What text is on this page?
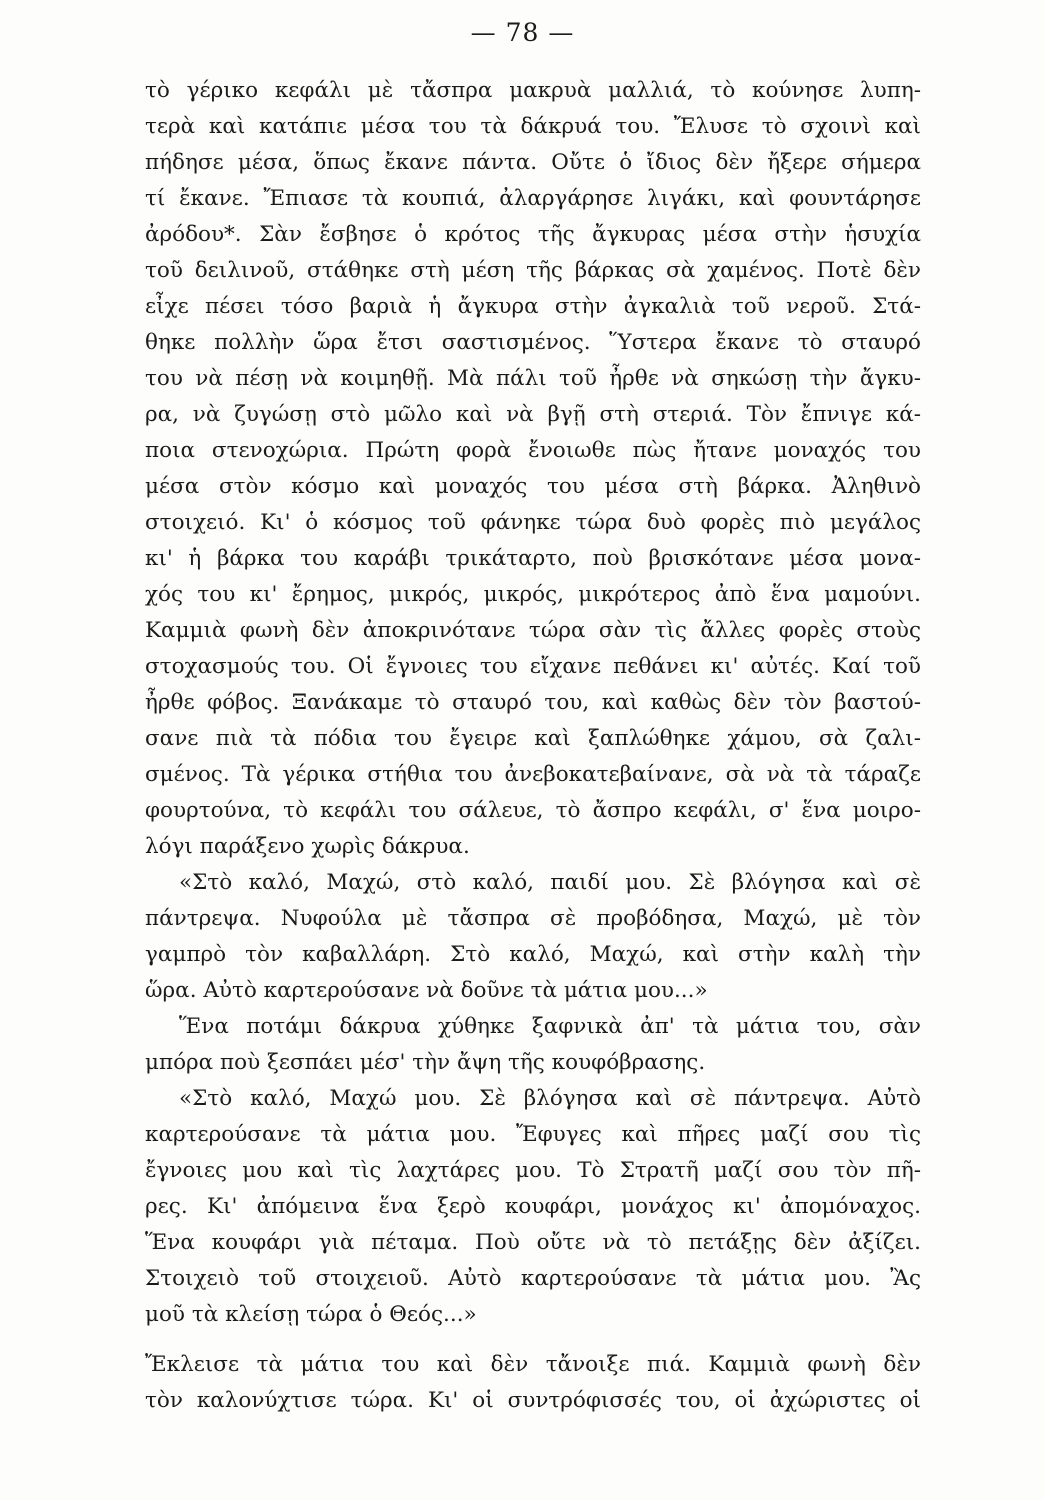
— 78 —
τὸ γέρικο κεφάλι μὲ τἄσπρα μακρυὰ μαλλιά, τὸ κούνησε λυπη-
τερὰ καὶ κατάπιε μέσα του τὰ δάκρυά του. Ἔλυσε τὸ σχοινὶ καὶ
πήδησε μέσα, ὅπως ἔκανε πάντα. Οὔτε ὁ ἴδιος δὲν ἤξερε σήμερα
τί ἔκανε. Ἔπιασε τὰ κουπιά, ἀλαργάρησε λιγάκι, καὶ φουντάρησε
ἀρόδου*. Σὰν ἔσβησε ὁ κρότος τῆς ἄγκυρας μέσα στὴν ἡσυχία
τοῦ δειλινοῦ, στάθηκε στὴ μέση τῆς βάρκας σὰ χαμένος. Ποτὲ δὲν
εἶχε πέσει τόσο βαριὰ ἡ ἄγκυρα στὴν ἀγκαλιὰ τοῦ νεροῦ. Στά-
θηκε πολλὴν ὥρα ἔτσι σαστισμένος. Ὕστερα ἔκανε τὸ σταυρό
του νὰ πέσῃ νὰ κοιμηθῇ. Μὰ πάλι τοῦ ἦρθε νὰ σηκώσῃ τὴν ἄγκυ-
ρα, νὰ ζυγώσῃ στὸ μῶλο καὶ νὰ βγῇ στὴ στεριά. Τὸν ἔπνιγε κά-
ποια στενοχώρια. Πρώτη φορὰ ἔνοιωθε πὼς ἤτανε μοναχός του
μέσα στὸν κόσμο καὶ μοναχός του μέσα στὴ βάρκα. Ἀληθινὸ
στοιχειό. Κι' ὁ κόσμος τοῦ φάνηκε τώρα δυὸ φορὲς πιὸ μεγάλος
κι' ἡ βάρκα του καράβι τρικάταρτο, ποὺ βρισκότανε μέσα μονα-
χός του κι' ἔρημος, μικρός, μικρός, μικρότερος ἀπὸ ἕνα μαμούνι.
Καμμιὰ φωνὴ δὲν ἀποκρινότανε τώρα σὰν τὶς ἄλλες φορὲς στοὺς
στοχασμούς του. Οἱ ἔγνοιες του εἴχανε πεθάνει κι' αὐτές. Καί τοῦ
ἦρθε φόβος. Ξανάκαμε τὸ σταυρό του, καὶ καθὼς δὲν τὸν βαστού-
σανε πιὰ τὰ πόδια του ἔγειρε καὶ ξαπλώθηκε χάμου, σὰ ζαλι-
σμένος. Τὰ γέρικα στήθια του ἀνεβοκατεβαίνανε, σὰ νὰ τὰ τάραζε
φουρτούνα, τὸ κεφάλι του σάλευε, τὸ ἄσπρο κεφάλι, σ' ἕνα μοιρο-
λόγι παράξενο χωρὶς δάκρυα.
«Στὸ καλό, Μαχώ, στὸ καλό, παιδί μου. Σὲ βλόγησα καὶ σὲ
πάντρεψα. Νυφούλα μὲ τἄσπρα σὲ προβόδησα, Μαχώ, μὲ τὸν
γαμπρὸ τὸν καβαλλάρη. Στὸ καλό, Μαχώ, καὶ στὴν καλὴ τὴν
ὥρα. Αὐτὸ καρτερούσανε νὰ δοῦνε τὰ μάτια μου...»
Ἕνα ποτάμι δάκρυα χύθηκε ξαφνικὰ ἀπ' τὰ μάτια του, σὰν
μπόρα ποὺ ξεσπάει μέσ' τὴν ἄψη τῆς κουφόβρασης.
«Στὸ καλό, Μαχώ μου. Σὲ βλόγησα καὶ σὲ πάντρεψα. Αὐτὸ
καρτερούσανε τὰ μάτια μου. Ἔφυγες καὶ πῆρες μαζί σου τὶς
ἔγνοιες μου καὶ τὶς λαχτάρες μου. Τὸ Στρατῆ μαζί σου τὸν πῆ-
ρες. Κι' ἀπόμεινα ἕνα ξερὸ κουφάρι, μονάχος κι' ἀπομόναχος.
Ἕνα κουφάρι γιὰ πέταμα. Ποὺ οὔτε νὰ τὸ πετάξῃς δὲν ἀξίζει.
Στοιχειὸ τοῦ στοιχειοῦ. Αὐτὸ καρτερούσανε τὰ μάτια μου. Ἂς
μοῦ τὰ κλείσῃ τώρα ὁ Θεός...»
Ἔκλεισε τὰ μάτια του καὶ δὲν τἄνοιξε πιά. Καμμιὰ φωνὴ δὲν
τὸν καλονύχτισε τώρα. Κι' οἱ συντρόφισσές του, οἱ ἀχώριστες οἱ
